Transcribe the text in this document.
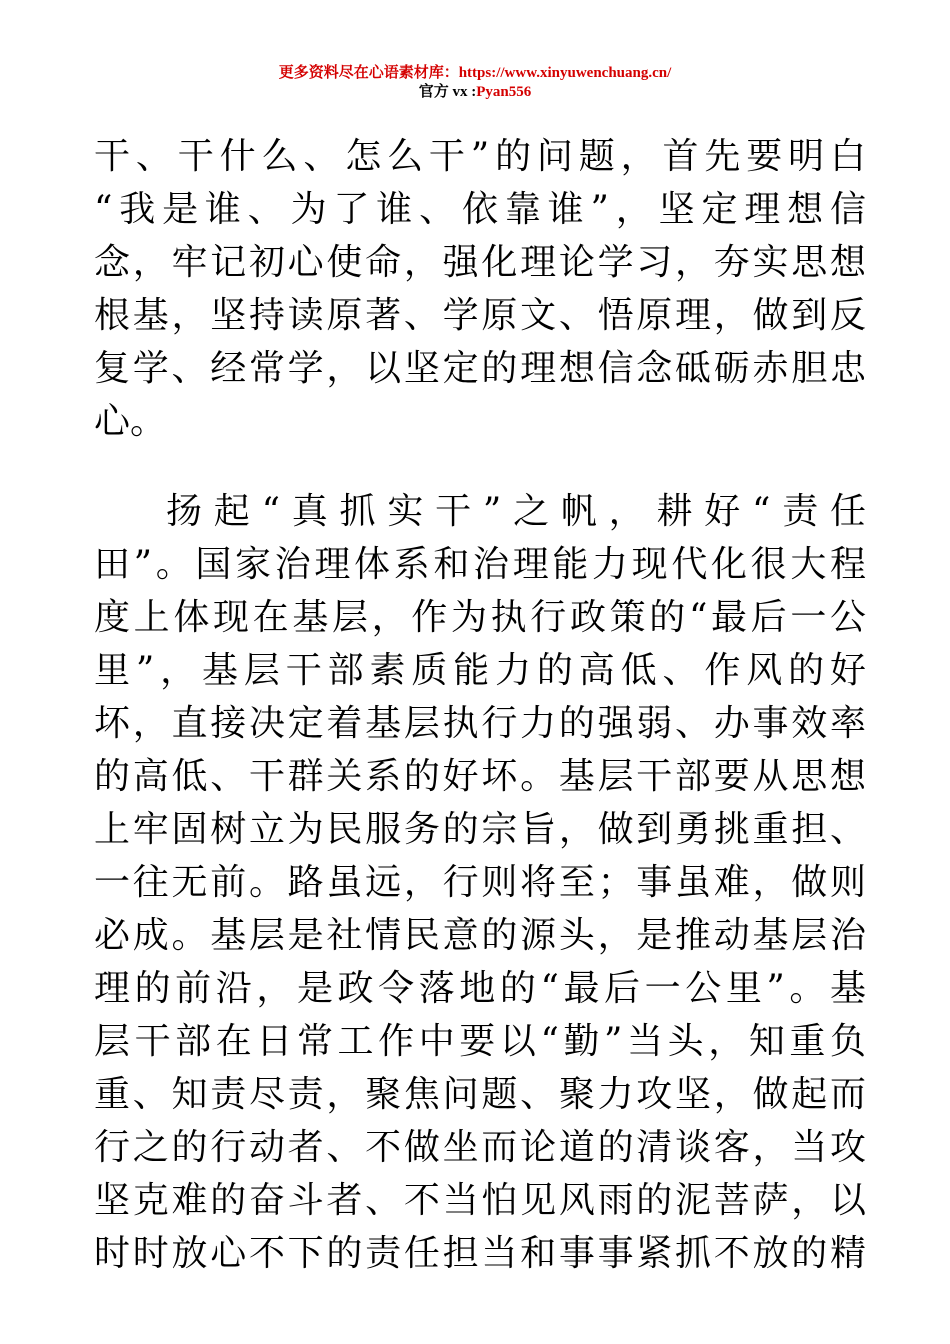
更多资料尽在心语素材库：https://www.xinyuwenchuang.cn/
官方 vx :Pyan556
干、干什么、怎么干”的问题，首先要明白
“我是谁、为了谁、依靠谁”，坚定理想信
念，牢记初心使命，强化理论学习，夯实思想
根基，坚持读原著、学原文、悟原理，做到反
复学、经常学，以坚定的理想信念砥砺赤胆忠
心。
扬起“真抓实干”之帆，耕好“责任
田”。国家治理体系和治理能力现代化很大程
度上体现在基层，作为执行政策的“最后一公
里”，基层干部素质能力的高低、作风的好
坏，直接决定着基层执行力的强弱、办事效率
的高低、干群关系的好坏。基层干部要从思想
上牢固树立为民服务的宗旨，做到勇挑重担、
一往无前。路虽远，行则将至；事虽难，做则
必成。基层是社情民意的源头，是推动基层治
理的前沿，是政令落地的“最后一公里”。基
层干部在日常工作中要以“勤”当头，知重负
重、知责尽责，聚焦问题、聚力攻坚，做起而
行之的行动者、不做坐而论道的清谈客，当攻
坚克难的奋斗者、不当怕见风雨的泥菩萨，以
时时放心不下的责任担当和事事紧抓不放的精
